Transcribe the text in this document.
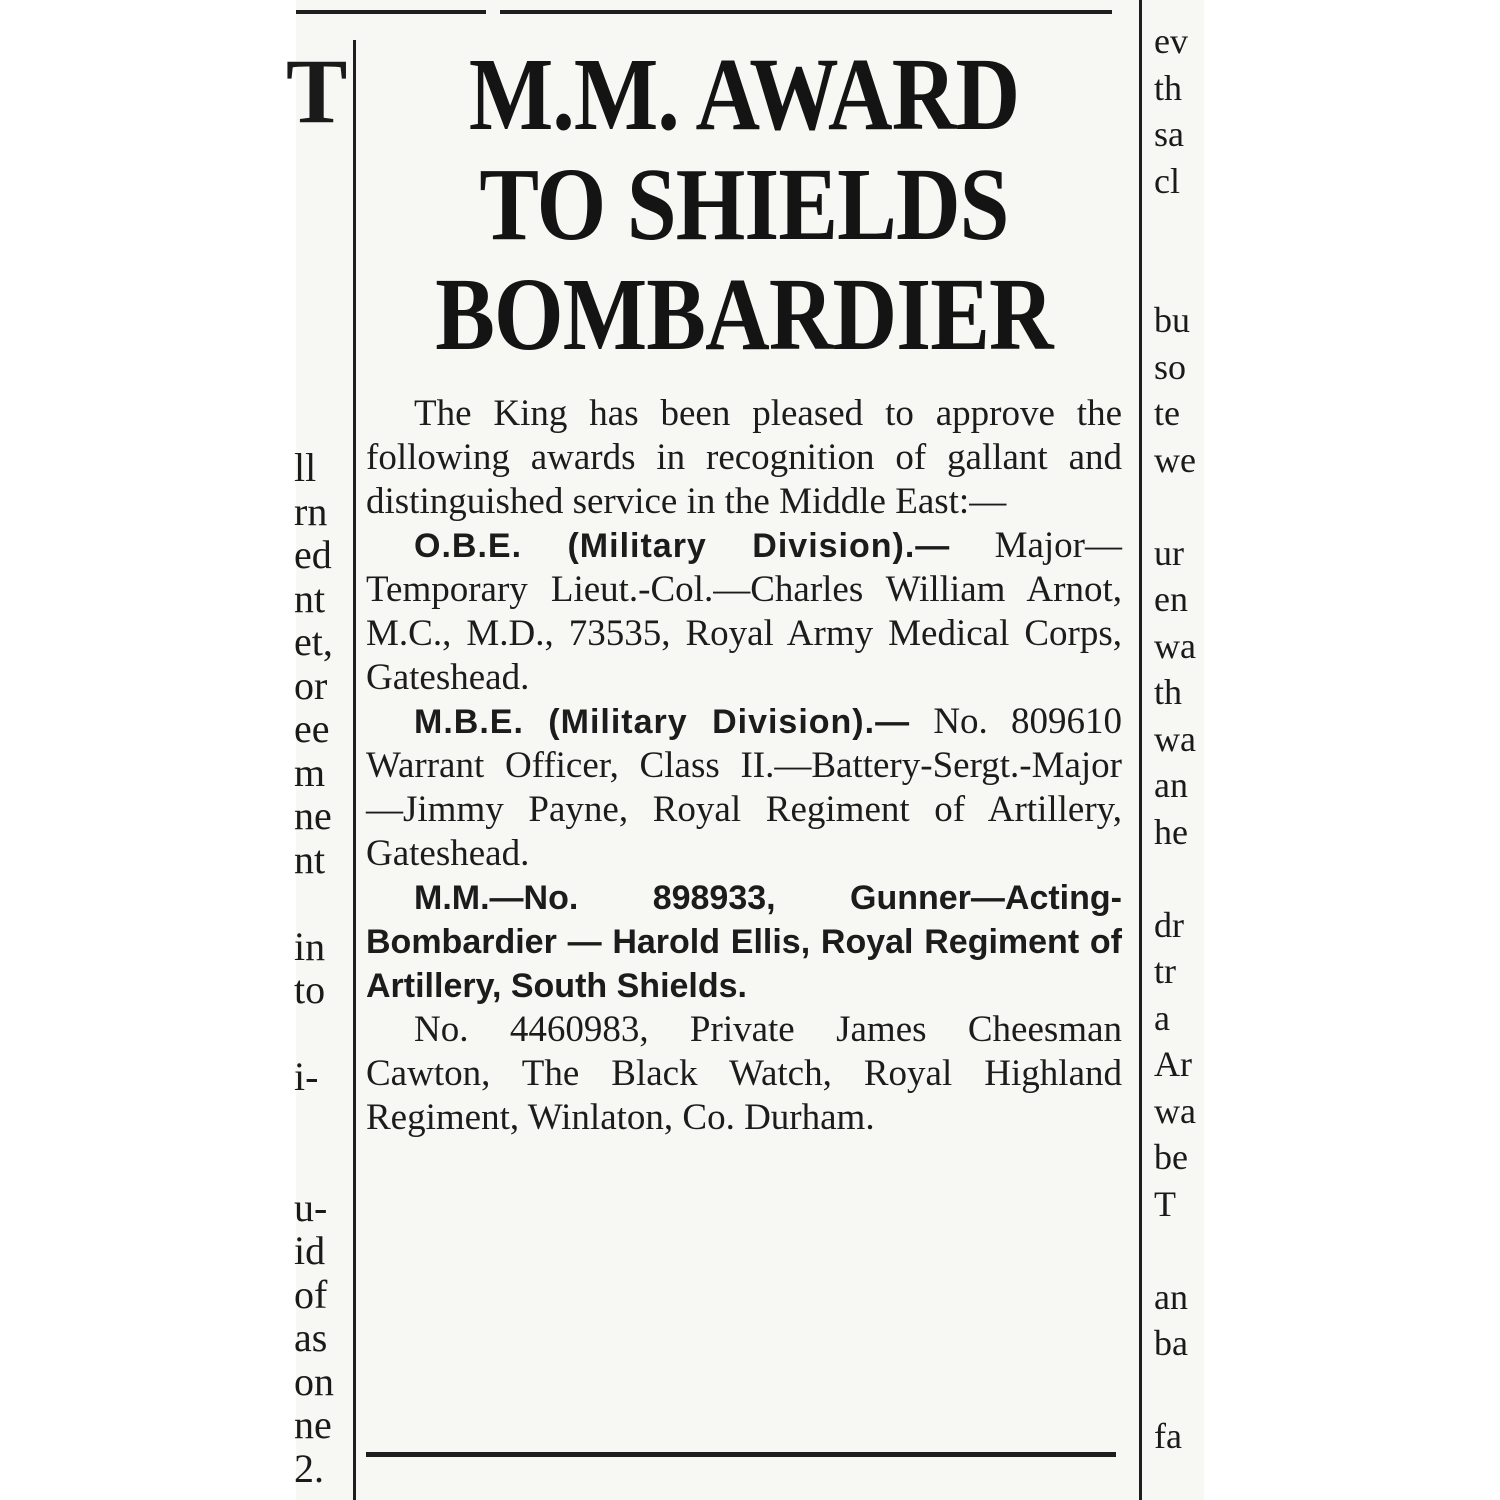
T
ll
rn
ed
nt
et,
or
ee
m
ne
nt
in
to
i-
u-
id
of
as
on
ne
2.
ev
th
sa
cl
bu
so
te
we
ur
en
wa
th
wa
an
he
dr
tr
a
Ar
wa
be
T
an
ba
fa
M.M. AWARD
TO SHIELDS
BOMBARDIER

The King has been pleased to approve the following awards in recognition of gallant and distinguished service in the Middle East:—

O.B.E. (Military Division).— Major—Temporary Lieut.-Col.—Charles William Arnot, M.C., M.D., 73535, Royal Army Medical Corps, Gateshead.

M.B.E. (Military Division).— No. 809610 Warrant Officer, Class II.—Battery-Sergt.-Major—Jimmy Payne, Royal Regiment of Artillery, Gateshead.

M.M.—No. 898933, Gunner—Acting-Bombardier — Harold Ellis, Royal Regiment of Artillery, South Shields.

No. 4460983, Private James Cheesman Cawton, The Black Watch, Royal Highland Regiment, Winlaton, Co. Durham.
